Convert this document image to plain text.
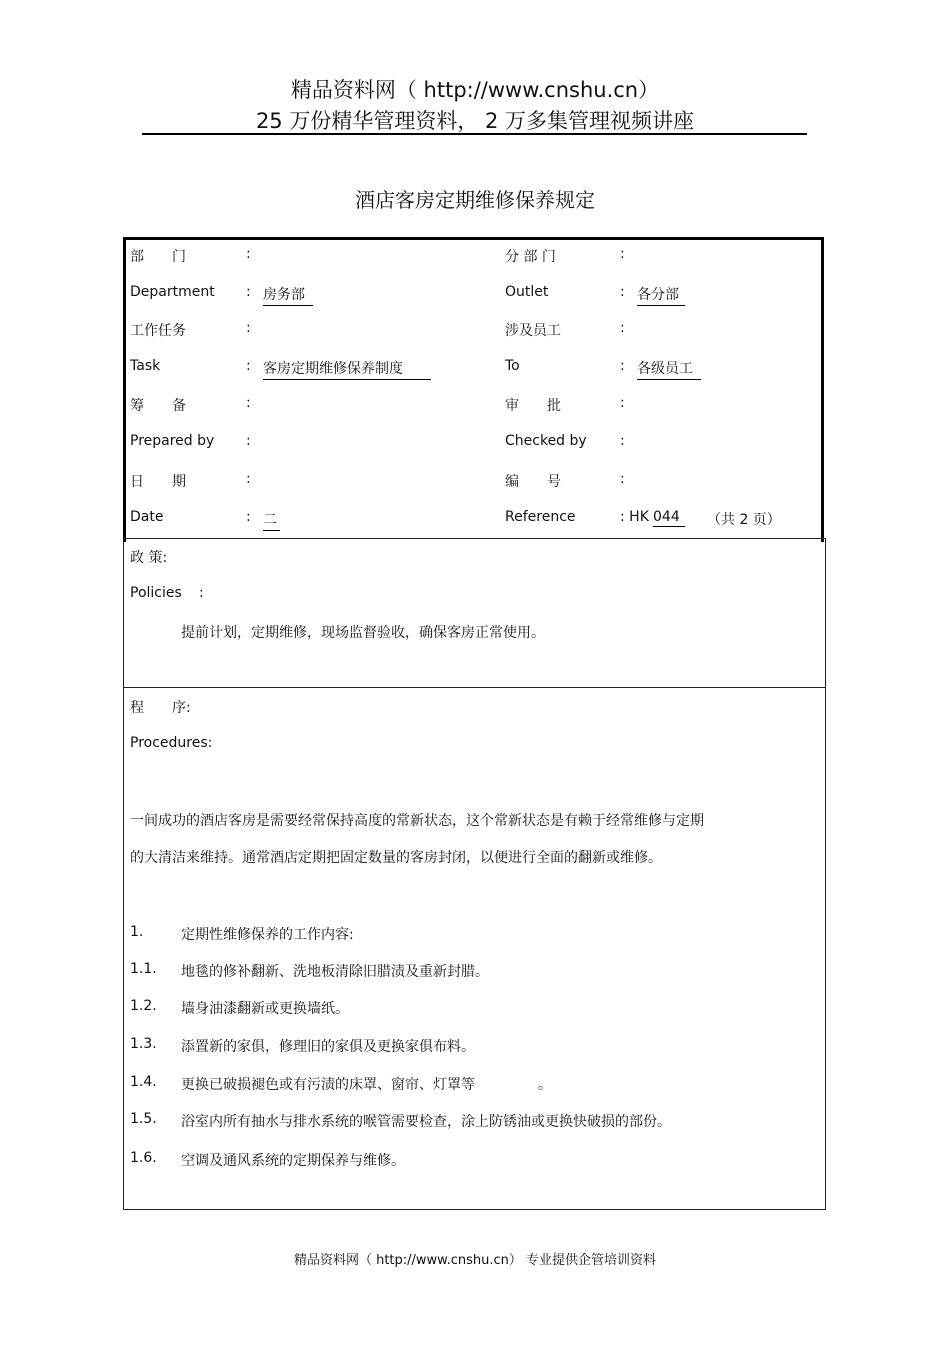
精品资料网（ http://www.cnshu.cn）
25 万份精华管理资料， 2 万多集管理视频讲座
酒店客房定期维修保养规定
部　　门	:	分 部 门	:
Department : 房务部	Outlet	: 各分部
工作任务	:	涉及员工	:
Task	: 客房定期维修保养制度	To	: 各级员工
筹　　备	:	审　　批	:
Prepared by :	Checked by :
日　　期	:	编　　号	:
Date	: 二	Reference	: HK 044	（共 2 页）
政 策:
Policies :
提前计划，定期维修，现场监督验收，确保客房正常使用。
程　　序:
Procedures:
一间成功的酒店客房是需要经常保持高度的常新状态，这个常新状态是有赖于经常维修与定期
的大清洁来维持。通常酒店定期把固定数量的客房封闭，以便进行全面的翻新或维修。
1.	定期性维修保养的工作内容:
1.1. 地毯的修补翻新、洗地板清除旧腊渍及重新封腊。
1.2. 墙身油漆翻新或更换墙纸。
1.3. 添置新的家俱，修理旧的家俱及更换家俱布料。
1.4. 更换已破损褪色或有污渍的床罩、窗帘、灯罩等	。
1.5. 浴室内所有抽水与排水系统的喉管需要检查，涂上防锈油或更换快破损的部份。
1.6. 空调及通风系统的定期保养与维修。
精品资料网（ http://www.cnshu.cn） 专业提供企管培训资料
